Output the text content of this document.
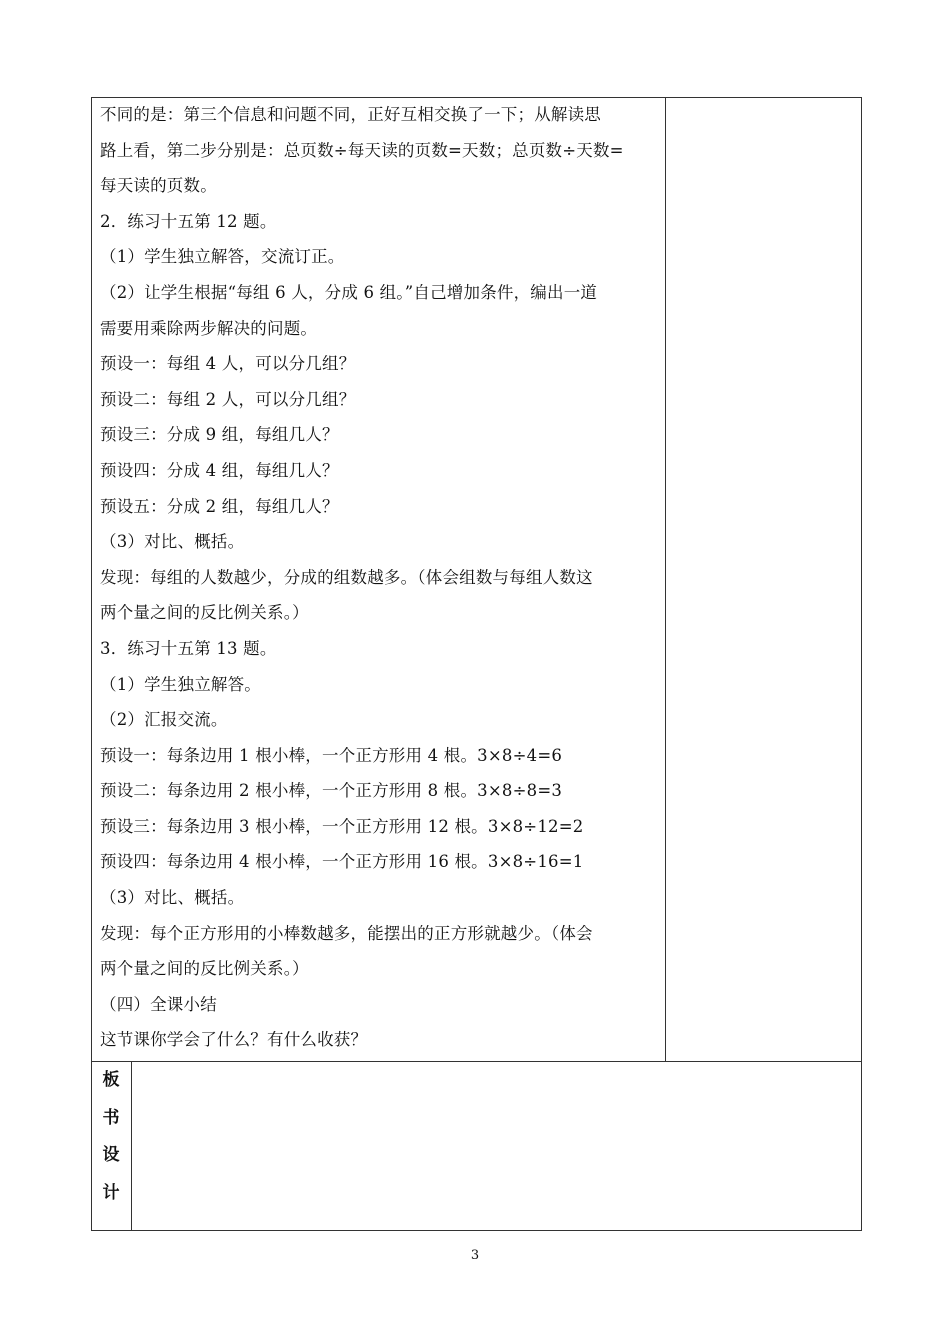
不同的是：第三个信息和问题不同，正好互相交换了一下；从解读思
路上看，第二步分别是：总页数÷每天读的页数=天数；总页数÷天数=
每天读的页数。
2．练习十五第 12 题。
（1）学生独立解答，交流订正。
（2）让学生根据“每组 6 人，分成 6 组。”自己增加条件，编出一道
需要用乘除两步解决的问题。
预设一：每组 4 人，可以分几组？
预设二：每组 2 人，可以分几组？
预设三：分成 9 组，每组几人？
预设四：分成 4 组，每组几人？
预设五：分成 2 组，每组几人？
（3）对比、概括。
发现：每组的人数越少，分成的组数越多。（体会组数与每组人数这
两个量之间的反比例关系。）
3．练习十五第 13 题。
（1）学生独立解答。
（2）汇报交流。
预设一：每条边用 1 根小棒，一个正方形用 4 根。3×8÷4=6
预设二：每条边用 2 根小棒，一个正方形用 8 根。3×8÷8=3
预设三：每条边用 3 根小棒，一个正方形用 12 根。3×8÷12=2
预设四：每条边用 4 根小棒，一个正方形用 16 根。3×8÷16=1
（3）对比、概括。
发现：每个正方形用的小棒数越多，能摆出的正方形就越少。（体会
两个量之间的反比例关系。）
（四）全课小结
这节课你学会了什么？有什么收获？
板
书
设
计
3
